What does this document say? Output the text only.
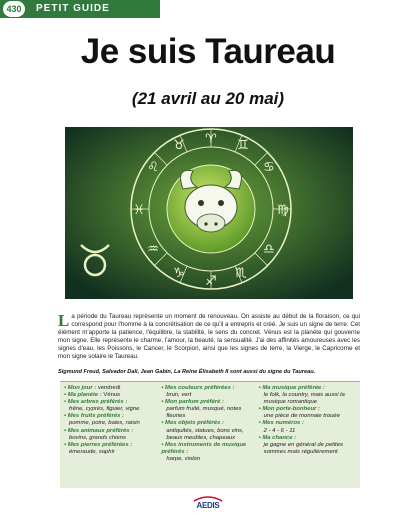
430	PETIT GUIDE
Je suis Taureau
(21 avril au 20 mai)
♈ ♊
♋
♍
♎
♏
♐
♑
♒
♓
♌
♉
La période du Taureau représente un moment de renouveau. On assiste au début de la floraison, ce qui correspond pour l'homme à la concrétisation de ce qu'il a entrepris et créé. Je suis un signe de terre. Cet élément m'apporte la patience, l'équilibre, la stabilité, le sens du concret. Vénus est la planète qui gouverne mon signe. Elle représente le charme, l'amour, la beauté, la sensualité. J'ai des affinités amoureuses avec les signes d'eau, les Poissons, le Cancer, le Scorpion, ainsi que les signes de terre, la Vierge, le Capricorne et mon signe solaire le Taureau.
Sigmund Freud, Salvador Dali, Jean Gabin, La Reine Élisabeth II sont aussi du signe du Taureau.
• Mon jour : vendredi
• Ma planète : Vénus
• Mes arbres préférés :
frêne, cyprès, figuier, vigne
• Mes fruits préférés :
pomme, poire, baies, raisin
• Mes animaux préférés :
bovins, grands chiens
• Mes pierres préférées :
émeraude, saphir
• Mes couleurs préférées :
brun, vert
• Mon parfum préféré :
parfum fruité, musqué, notes fleuries
• Mes objets préférés :
antiquités, statues, bons vins, beaux meubles, chapeaux
• Mes instruments de musique préférés :
harpe, violon
• Ma musique préférée :
le folk, la country, mais aussi la musique romantique
• Mon porte-bonheur :
une pièce de monnaie trouée
• Mes numéros :
2 - 4 - 6 - 11
• Ma chance :
je gagne en général de petites sommes mais régulièrement
AEDIS
